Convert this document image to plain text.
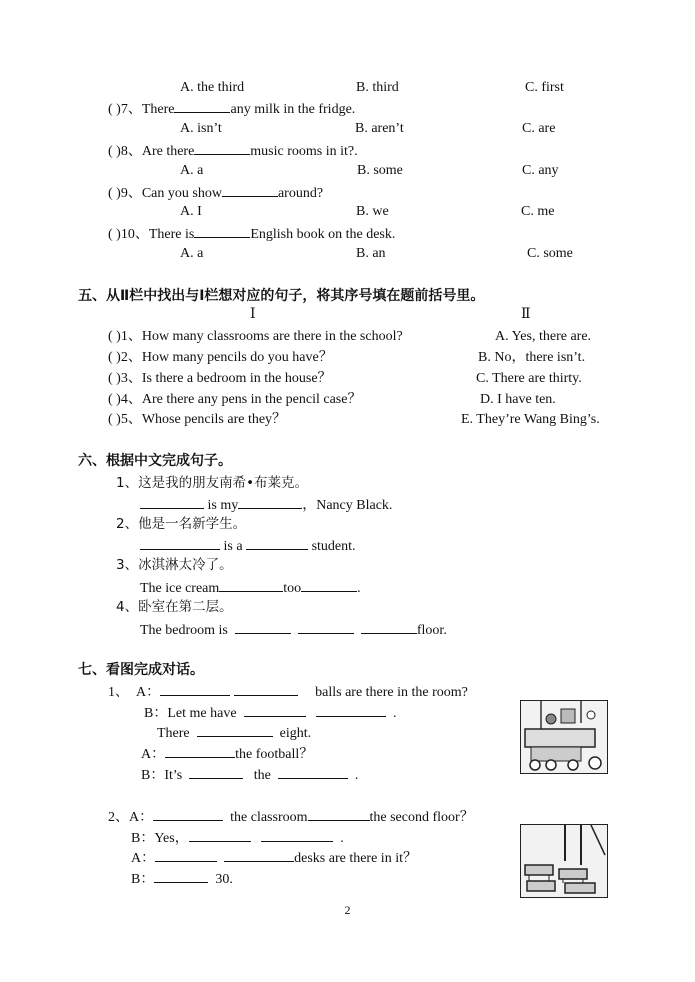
A. the third	B. third	C. first
( )7、There	any milk in the fridge.
A. isn’t	B. aren’t	C. are
( )8、Are there	music rooms in it?.
A. a	B. some	C. any
( )9、Can you show	around?
A. I	B. we	C. me
( )10、There is	English book on the desk.
A. a	B. an	C. some
五、从Ⅱ栏中找出与Ⅰ栏想对应的句子，将其序号填在题前括号里。
Ⅰ	Ⅱ
( )1、How many classrooms are there in the school?	A. Yes, there are.
( )2、How many pencils do you have？	B. No，there isn’t.
( )3、Is there a bedroom in the house？	C. There are thirty.
( )4、Are there any pens in the pencil case？	D. I have ten.
( )5、Whose pencils are they？	E. They’re Wang Bing’s.
六、根据中文完成句子。
1、这是我的朋友南希•布莱克。
is my	，Nancy Black.
2、他是一名新学生。
is a	student.
3、冰淇淋太冷了。
The ice cream	too	.
4、卧室在第二层。
The bedroom is	floor.
七、看图完成对话。
1、 A：	balls are there in the room?
B：Let me have	.
There	eight.
A：	the football？
B：It’s	the	.
2、A：	the classroom	the second floor？
B：Yes，	.
A：	desks are there in it？
B：	30.
2
